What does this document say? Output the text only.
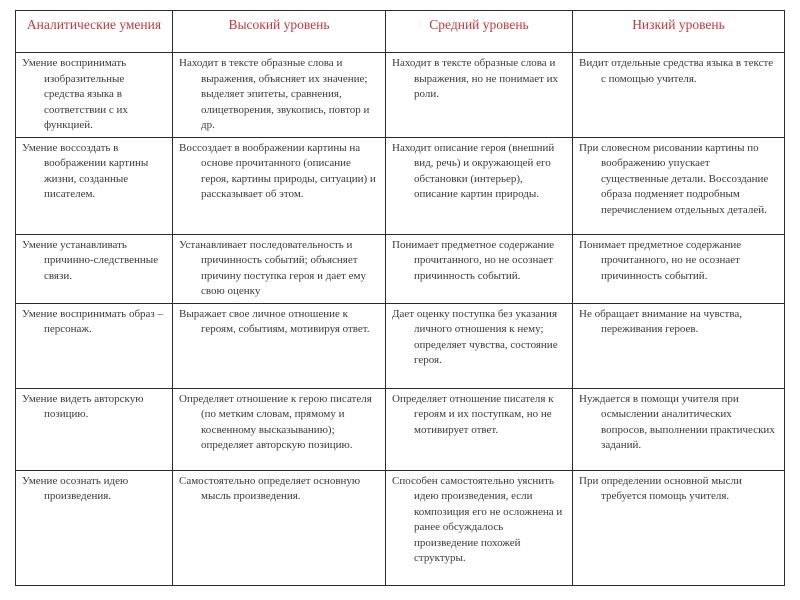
Аналитические умения	Высокий уровень	Средний уровень	Низкий уровень
Умение воспринимать изобразительные средства языка в соответствии с их функцией.	Находит в тексте образные слова и выражения, объясняет их значение; выделяет эпитеты, сравнения, олицетворения, звукопись, повтор и др.	Находит в тексте образные слова и выражения, но не понимает их роли.	Видит отдельные средства языка в тексте с помощью учителя.
Умение воссоздать в воображении картины жизни, созданные писателем.	Воссоздает в воображении картины на основе прочитанного (описание героя, картины природы, ситуации) и рассказывает об этом.	Находит описание героя (внешний вид, речь) и окружающей его обстановки (интерьер), описание картин природы.	При словесном рисовании картины по воображению упускает существенные детали. Воссоздание образа подменяет подробным перечислением отдельных деталей.
Умение устанавливать причинно-следственные связи.	Устанавливает последовательность и причинность событий; объясняет причину поступка героя и дает ему свою оценку	Понимает предметное содержание прочитанного, но не осознает причинность событий.	Понимает предметное содержание прочитанного, но не осознает причинность событий.
Умение воспринимать образ – персонаж.	Выражает свое личное отношение к героям, событиям, мотивируя ответ.	Дает оценку поступка без указания личного отношения к нему; определяет чувства, состояние героя.	Не обращает внимание на чувства, переживания героев.
Умение видеть авторскую позицию.	Определяет отношение к герою писателя (по метким словам, прямому и косвенному высказыванию); определяет авторскую позицию.	Определяет отношение писателя к героям и их поступкам, но не мотивирует ответ.	Нуждается в помощи учителя при осмыслении аналитических вопросов, выполнении практических заданий.
Умение осознать идею произведения.	Самостоятельно определяет основную мысль произведения.	Способен самостоятельно уяснить идею произведения, если композиция его не осложнена и ранее обсуждалось произведение похожей структуры.	При определении основной мысли требуется помощь учителя.
